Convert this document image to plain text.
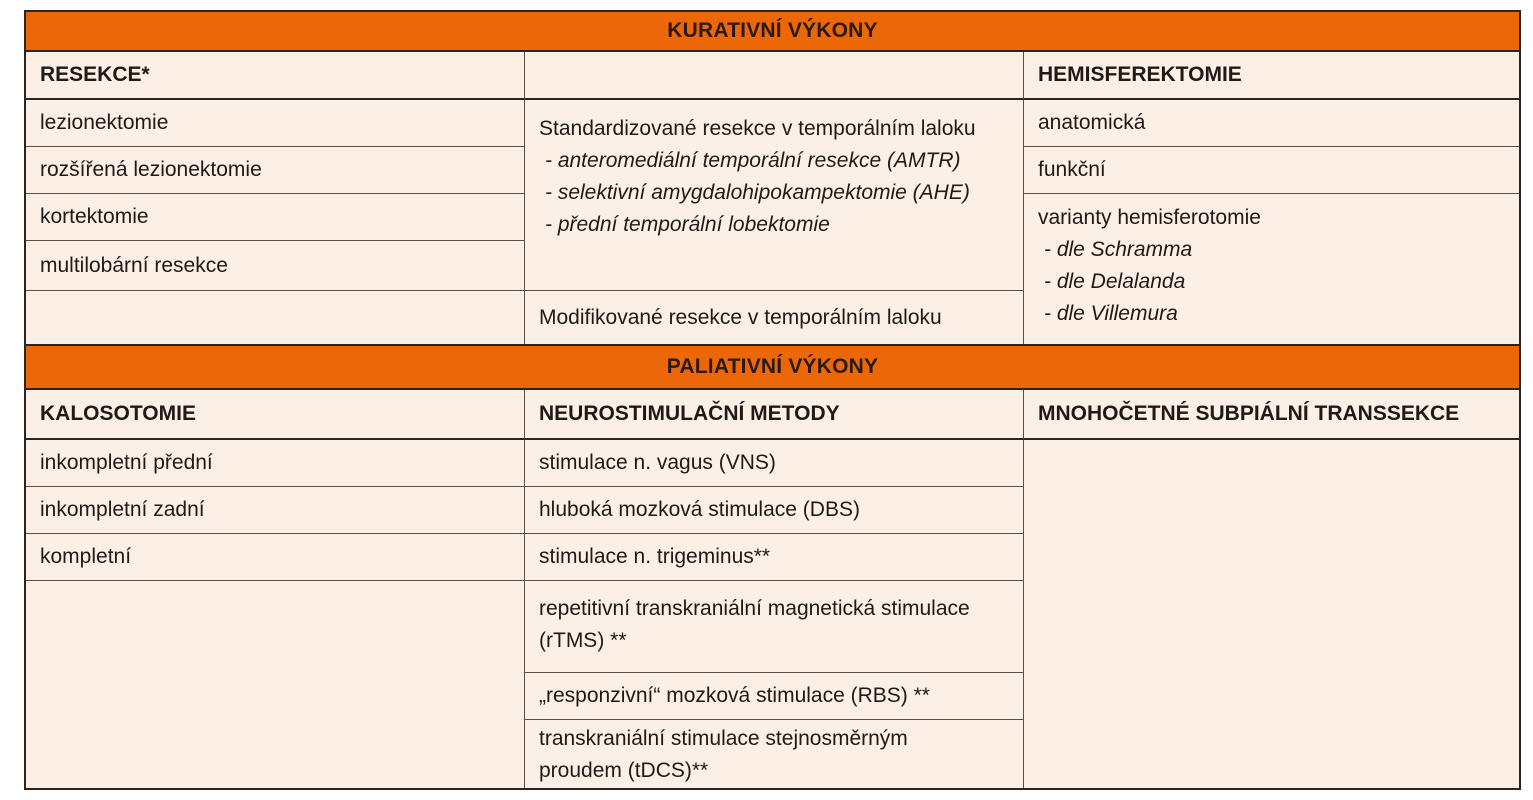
KURATIVNÍ VÝKONY
RESEKCE*
lezionektomie
rozšířená lezionektomie
kortektomie
multilobární resekce
Standardizované resekce v temporálním laloku
- anteromediální temporální resekce (AMTR)
- selektivní amygdalohipokampektomie (AHE)
- přední temporální lobektomie
Modifikované resekce v temporálním laloku
HEMISFEREKTOMIE
anatomická
funkční
varianty hemisferotomie
- dle Schramma
- dle Delalanda
- dle Villemura
PALIATIVNÍ VÝKONY
KALOSOTOMIE
inkompletní přední
inkompletní zadní
kompletní
NEUROSTIMULAČNÍ METODY
stimulace n. vagus (VNS)
hluboká mozková stimulace (DBS)
stimulace n. trigeminus**
repetitivní transkraniální magnetická stimulace (rTMS) **
„responzivní“ mozková stimulace (RBS) **
transkraniální stimulace stejnosměrným proudem (tDCS)**
MNOHOČETNÉ SUBPIÁLNÍ TRANSSEKCE
